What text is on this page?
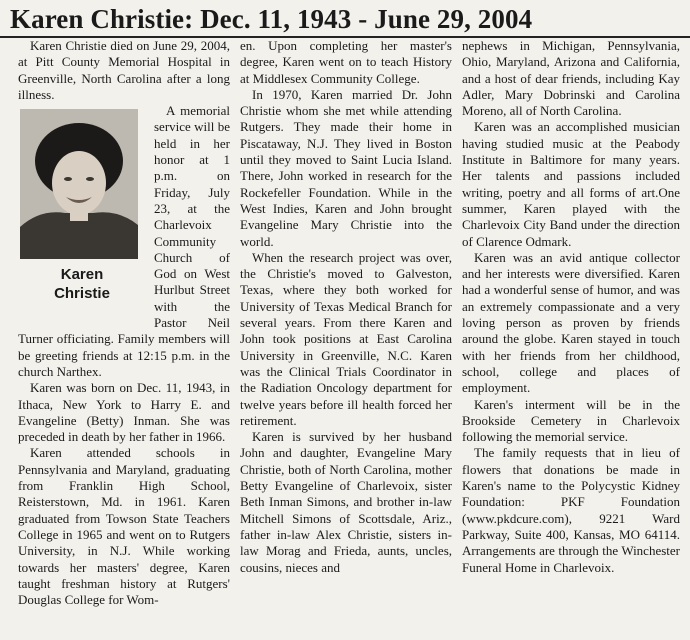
Karen Christie: Dec. 11, 1943 - June 29, 2004

Karen Christie died on June 29, 2004, at Pitt County Memorial Hospital in Greenville, North Carolina after a long illness.

Karen
Christie

A memorial service will be held in her honor at 1 p.m. on Friday, July 23, at the Charlevoix Community Church of God on West Hurlbut Street with the Pastor Neil Turner officiating. Family members will be greeting friends at 12:15 p.m. in the church Narthex.

Karen was born on Dec. 11, 1943, in Ithaca, New York to Harry E. and Evangeline (Betty) Inman. She was preceded in death by her father in 1966.

Karen attended schools in Pennsylvania and Maryland, graduating from Franklin High School, Reisterstown, Md. in 1961. Karen graduated from Towson State Teachers College in 1965 and went on to Rutgers University, in N.J. While working towards her masters' degree, Karen taught freshman history at Rutgers' Douglas College for Wom-

en. Upon completing her master's degree, Karen went on to teach History at Middlesex Community College.

In 1970, Karen married Dr. John Christie whom she met while attending Rutgers. They made their home in Piscataway, N.J. They lived in Boston until they moved to Saint Lucia Island. There, John worked in research for the Rockefeller Foundation. While in the West Indies, Karen and John brought Evangeline Mary Christie into the world.

When the research project was over, the Christie's moved to Galveston, Texas, where they both worked for University of Texas Medical Branch for several years. From there Karen and John took positions at East Carolina University in Greenville, N.C. Karen was the Clinical Trials Coordinator in the Radiation Oncology department for twelve years before ill health forced her retirement.

Karen is survived by her husband John and daughter, Evangeline Mary Christie, both of North Carolina, mother Betty Evangeline of Charlevoix, sister Beth Inman Simons, and brother in-law Mitchell Simons of Scottsdale, Ariz., father in-law Alex Christie, sisters in-law Morag and Frieda, aunts, uncles, cousins, nieces and

nephews in Michigan, Pennsylvania, Ohio, Maryland, Arizona and California, and a host of dear friends, including Kay Adler, Mary Dobrinski and Carolina Moreno, all of North Carolina.

Karen was an accomplished musician having studied music at the Peabody Institute in Baltimore for many years. Her talents and passions included writing, poetry and all forms of art.One summer, Karen played with the Charlevoix City Band under the direction of Clarence Odmark.

Karen was an avid antique collector and her interests were diversified. Karen had a wonderful sense of humor, and was an extremely compassionate and a very loving person as proven by friends around the globe. Karen stayed in touch with her friends from her childhood, school, college and places of employment.

Karen's interment will be in the Brookside Cemetery in Charlevoix following the memorial service.

The family requests that in lieu of flowers that donations be made in Karen's name to the Polycystic Kidney Foundation: PKF Foundation (www.pkdcure.com), 9221 Ward Parkway, Suite 400, Kansas, MO 64114. Arrangements are through the Winchester Funeral Home in Charlevoix.
